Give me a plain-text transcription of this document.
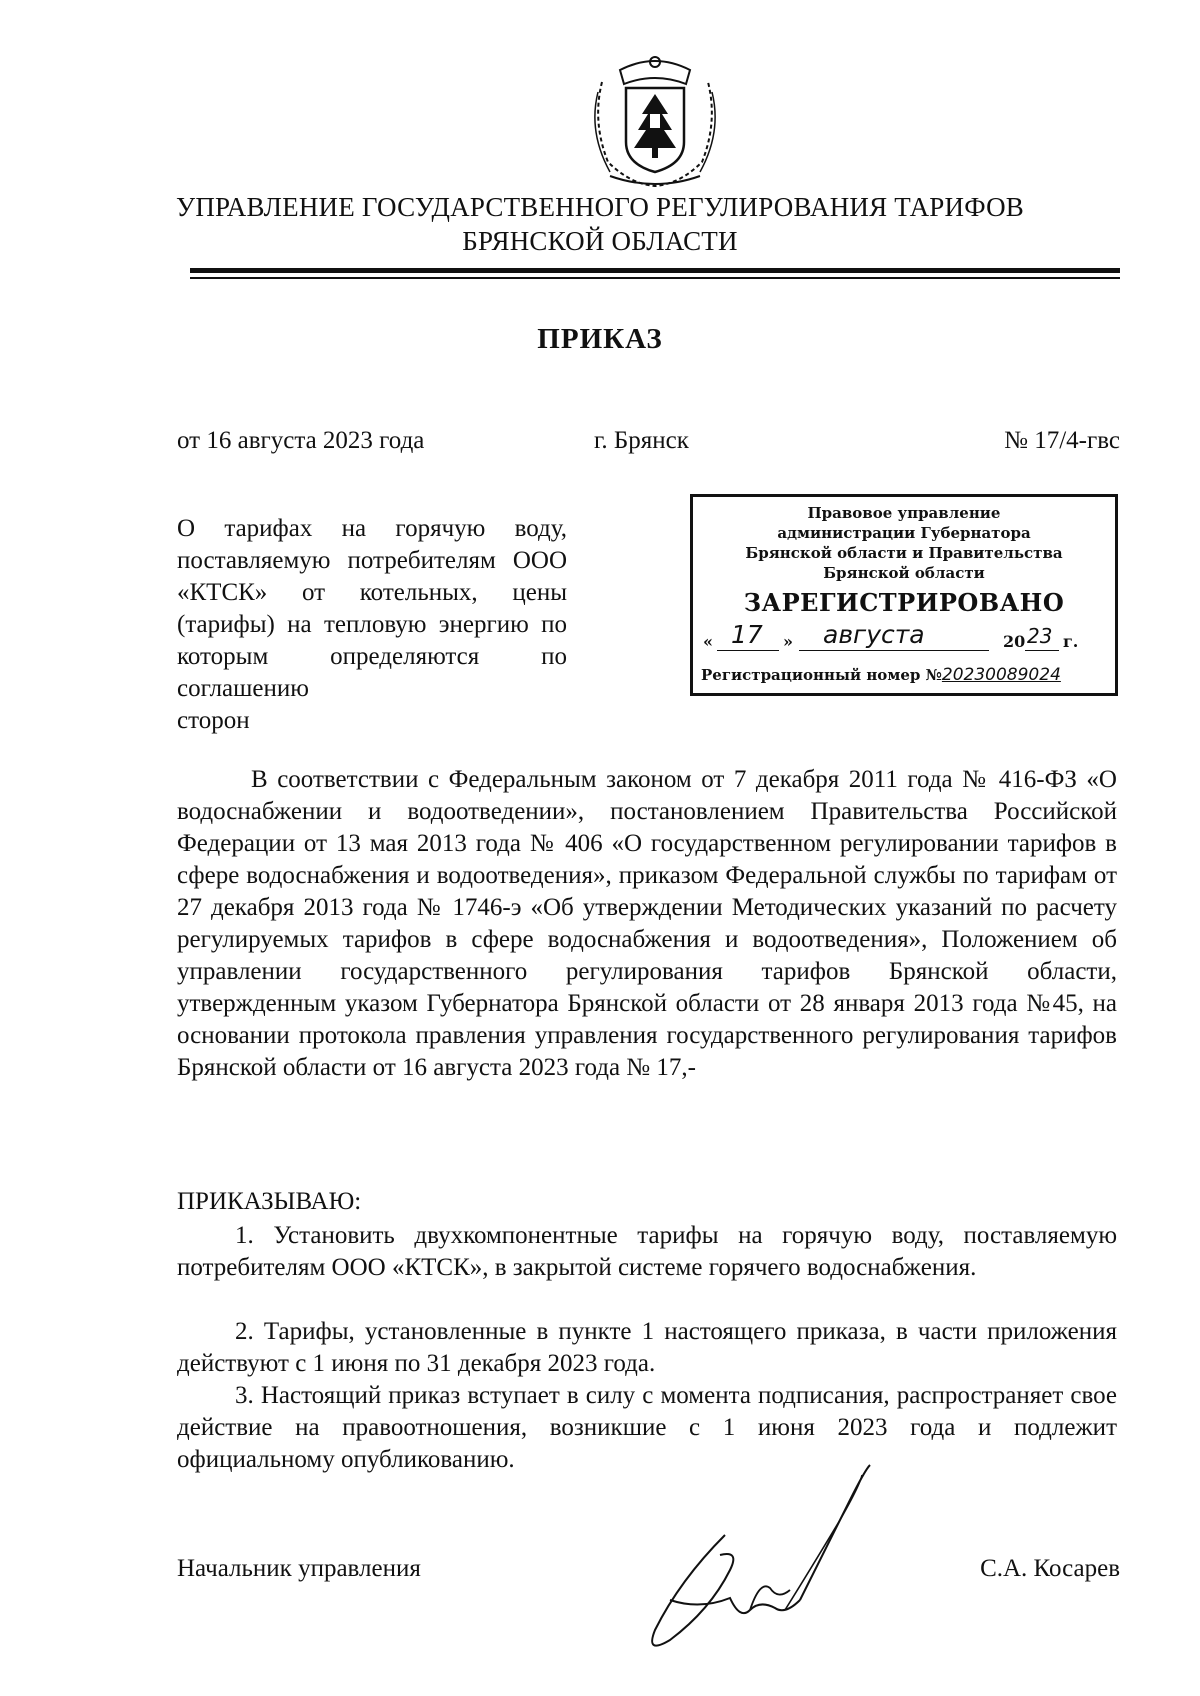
УПРАВЛЕНИЕ ГОСУДАРСТВЕННОГО РЕГУЛИРОВАНИЯ ТАРИФОВ
БРЯНСКОЙ ОБЛАСТИ
ПРИКАЗ
от 16 августа 2023 года	г. Брянск	№ 17/4-гвс
О тарифах на горячую воду, поставляемую потребителям ООО «КТСК» от котельных, цены (тарифы) на тепловую энергию по которым определяются по соглашению
сторон
Правовое управление
администрации Губернатора
Брянской области и Правительства
Брянской области
ЗАРЕГИСТРИРОВАНО
« 17 » августа	20 23 г.
Регистрационный номер №20230089024
В соответствии с Федеральным законом от 7 декабря 2011 года № 416-ФЗ «О водоснабжении и водоотведении», постановлением Правительства Российской Федерации от 13 мая 2013 года № 406 «О государственном регулировании тарифов в сфере водоснабжения и водоотведения», приказом Федеральной службы по тарифам от 27 декабря 2013 года № 1746-э «Об утверждении Методических указаний по расчету регулируемых тарифов в сфере водоснабжения и водоотведения», Положением об управлении государственного регулирования тарифов Брянской области, утвержденным указом Губернатора Брянской области от 28 января 2013 года №45, на основании протокола правления управления государственного регулирования тарифов Брянской области от 16 августа 2023 года № 17,-
ПРИКАЗЫВАЮ:
1. Установить двухкомпонентные тарифы на горячую воду, поставляемую потребителям ООО «КТСК», в закрытой системе горячего водоснабжения.
2. Тарифы, установленные в пункте 1 настоящего приказа, в части приложения действуют с 1 июня по 31 декабря 2023 года.
3. Настоящий приказ вступает в силу с момента подписания, распространяет свое действие на правоотношения, возникшие с 1 июня 2023 года и подлежит официальному опубликованию.
Начальник управления	С.А. Косарев
